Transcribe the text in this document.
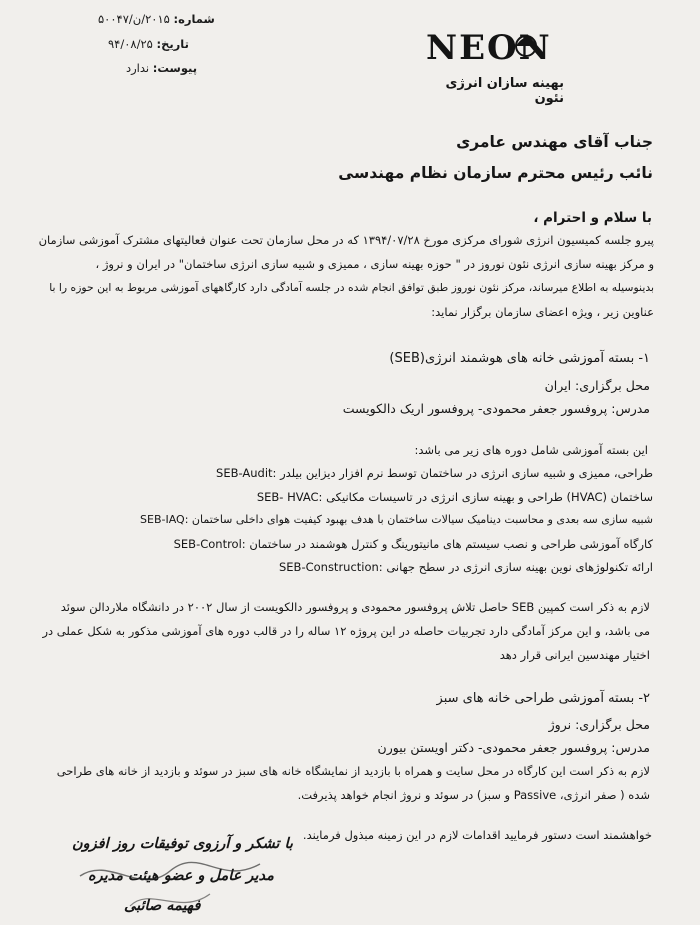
شماره: ۲۰۱۵/ن/۵۰۰۴۷
تاریخ: ۹۴/۰۸/۲۵
پیوست: ندارد	NEON
بهینه سازان انرژی نئون
جناب آقای مهندس عامری
نائب رئیس محترم سازمان نظام مهندسی
با سلام و احترام ،
پیرو جلسه کمیسیون انرژی شورای مرکزی مورخ ۱۳۹۴/۰۷/۲۸ که در محل سازمان تحت عنوان فعالیتهای مشترک آموزشی سازمان
و مرکز بهینه سازی انرژی نئون نوروز در " حوزه بهینه سازی ، ممیزی و شبیه سازی انرژی ساختمان" در ایران و نروژ ،
بدینوسیله به اطلاع میرساند، مرکز نئون نوروز طبق توافق انجام شده در جلسه آمادگی دارد کارگاههای آموزشی مربوط به این حوزه را با
عناوین زیر ، ویژه اعضای سازمان برگزار نماید:
۱- بسته آموزشی خانه های هوشمند انرژی(SEB)
محل برگزاری: ایران
مدرس: پروفسور جعفر محمودی- پروفسور اریک دالکویست
این بسته آموزشی شامل دوره های زیر می باشد:
SEB-Audit: طراحی، ممیزی و شبیه سازی انرژی در ساختمان توسط نرم افزار دیزاین بیلدر
SEB- HVAC: طراحی و بهینه سازی انرژی در تاسیسات مکانیکی (HVAC) ساختمان
SEB-IAQ: شبیه سازی سه بعدی و محاسبت دینامیک سیالات ساختمان با هدف بهبود کیفیت هوای داخلی ساختمان
SEB-Control: کارگاه آموزشی طراحی و نصب سیستم های مانیتورینگ و کنترل هوشمند در ساختمان
SEB-Construction: ارائه تکنولوژهای نوین بهینه سازی انرژی در سطح جهانی
لازم به ذکر است کمپین SEB حاصل تلاش پروفسور محمودی و پروفسور دالکویست از سال ۲۰۰۲ در دانشگاه ملاردالن سوئد
می باشد، و این مرکز آمادگی دارد تجربیات حاصله در این پروژه ۱۲ ساله را در قالب دوره های آموزشی مذکور به شکل عملی در
اختیار مهندسین ایرانی قرار دهد
۲- بسته آموزشی طراحی خانه های سبز
محل برگزاری: نروژ
مدرس: پروفسور جعفر محمودی- دکتر اویستن بیورن
لازم به ذکر است این کارگاه در محل سایت و همراه با بازدید از نمایشگاه خانه های سبز در سوئد و بازدید از خانه های طراحی
شده ( صفر انرژی، Passive و سبز) در سوئد و نروژ انجام خواهد پذیرفت.
خواهشمند است دستور فرمایید اقدامات لازم در این زمینه مبذول فرمایند.
با تشکر و آرزوی توفیقات روز افزون
مدیر عامل و عضو هیئت مدیره
فهیمه صائبی
